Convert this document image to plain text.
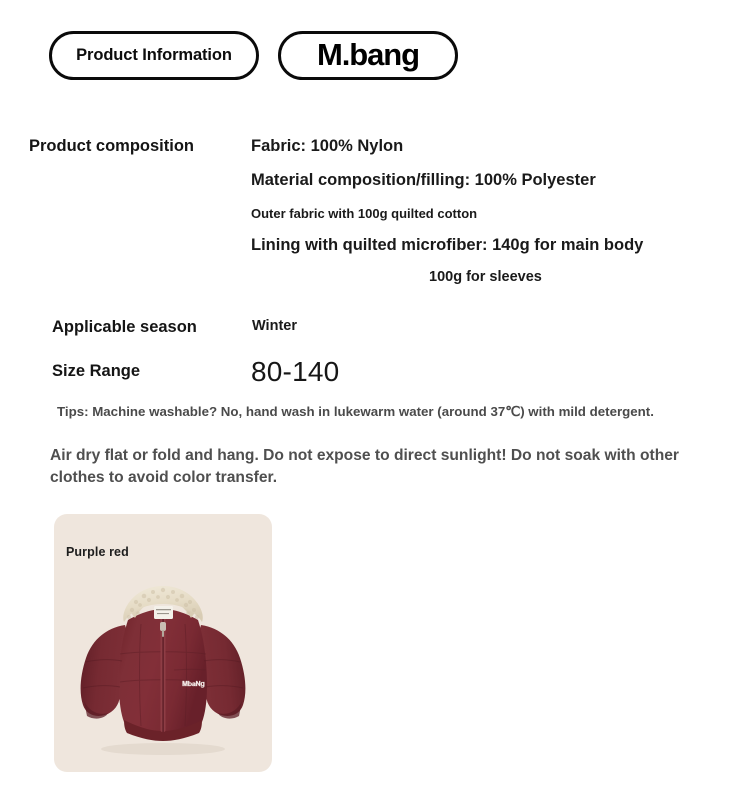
Product Information	M.bang
Product composition	Fabric: 100% Nylon
Material composition/filling: 100% Polyester
Outer fabric with 100g quilted cotton
Lining with quilted microfiber: 140g for main body
100g for sleeves
Applicable season	Winter
Size Range	80-140
Tips: Machine washable? No, hand wash in lukewarm water (around 37℃) with mild detergent.
Air dry flat or fold and hang. Do not expose to direct sunlight! Do not soak with other clothes to avoid color transfer.
Purple red
𝐌𝐛𝐚𝐍𝐠
